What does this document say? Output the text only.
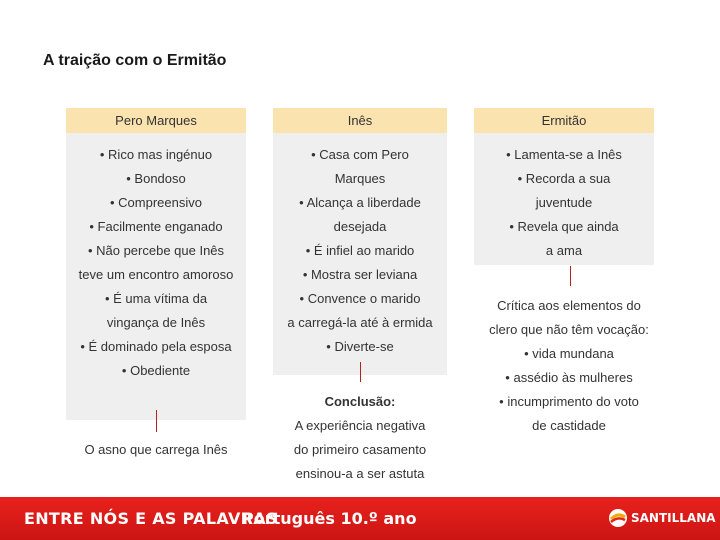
A traição com o Ermitão
Pero Marques
• Rico mas ingénuo
• Bondoso
• Compreensivo
• Facilmente enganado
• Não percebe que Inês
teve um encontro amoroso
• É uma vítima da
vingança de Inês
• É dominado pela esposa
• Obediente
O asno que carrega Inês
Inês
• Casa com Pero
Marques
• Alcança a liberdade
desejada
• É infiel ao marido
• Mostra ser leviana
• Convence o marido
a carregá-la até à ermida
• Diverte-se
Conclusão:
A experiência negativa
do primeiro casamento
ensinou-a a ser astuta
Ermitão
• Lamenta-se a Inês
• Recorda a sua
juventude
• Revela que ainda
a ama
Crítica aos elementos do
clero que não têm vocação:
• vida mundana
• assédio às mulheres
• incumprimento do voto
de castidade
ENTRE NÓS E AS PALAVRAS
Português 10.º ano	SANTILLANA
